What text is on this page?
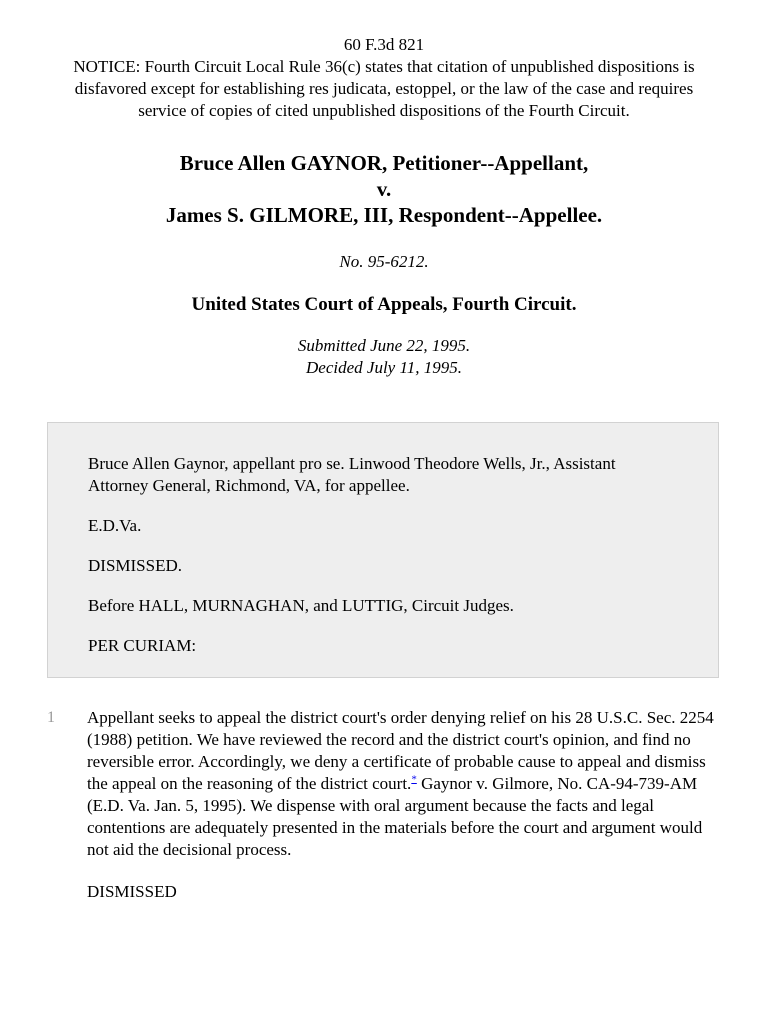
60 F.3d 821
NOTICE: Fourth Circuit Local Rule 36(c) states that citation of unpublished dispositions is disfavored except for establishing res judicata, estoppel, or the law of the case and requires service of copies of cited unpublished dispositions of the Fourth Circuit.
Bruce Allen GAYNOR, Petitioner--Appellant,
v.
James S. GILMORE, III, Respondent--Appellee.
No. 95-6212.
United States Court of Appeals, Fourth Circuit.
Submitted June 22, 1995.
Decided July 11, 1995.

Bruce Allen Gaynor, appellant pro se. Linwood Theodore Wells, Jr., Assistant Attorney General, Richmond, VA, for appellee.

E.D.Va.

DISMISSED.

Before HALL, MURNAGHAN, and LUTTIG, Circuit Judges.

PER CURIAM:

1 Appellant seeks to appeal the district court's order denying relief on his 28 U.S.C. Sec. 2254 (1988) petition. We have reviewed the record and the district court's opinion, and find no reversible error. Accordingly, we deny a certificate of probable cause to appeal and dismiss the appeal on the reasoning of the district court.* Gaynor v. Gilmore, No. CA-94-739-AM (E.D. Va. Jan. 5, 1995). We dispense with oral argument because the facts and legal contentions are adequately presented in the materials before the court and argument would not aid the decisional process.
DISMISSED
